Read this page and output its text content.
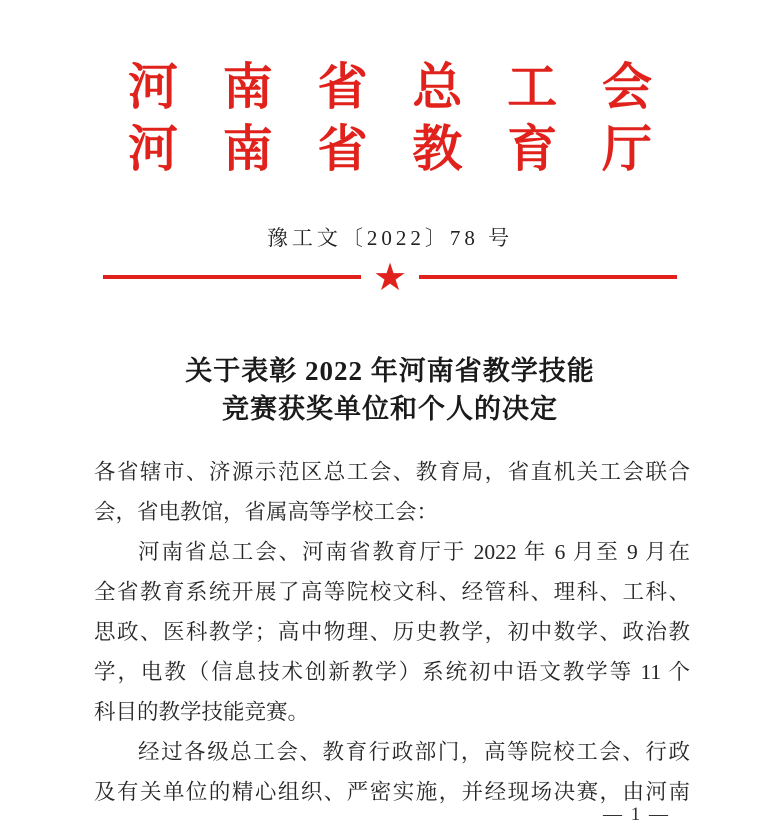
河南省总工会
河南省教育厅
豫工文〔2022〕78 号
★
关于表彰 2022 年河南省教学技能
竞赛获奖单位和个人的决定

各省辖市、济源示范区总工会、教育局，省直机关工会联合

会，省电教馆，省属高等学校工会：

河南省总工会、河南省教育厅于 2022 年 6 月至 9 月在

全省教育系统开展了高等院校文科、经管科、理科、工科、

思政、医科教学；高中物理、历史教学，初中数学、政治教

学，电教（信息技术创新教学）系统初中语文教学等 11 个

科目的教学技能竞赛。

经过各级总工会、教育行政部门，高等院校工会、行政

及有关单位的精心组织、严密实施，并经现场决赛，由河南

— 1 —
